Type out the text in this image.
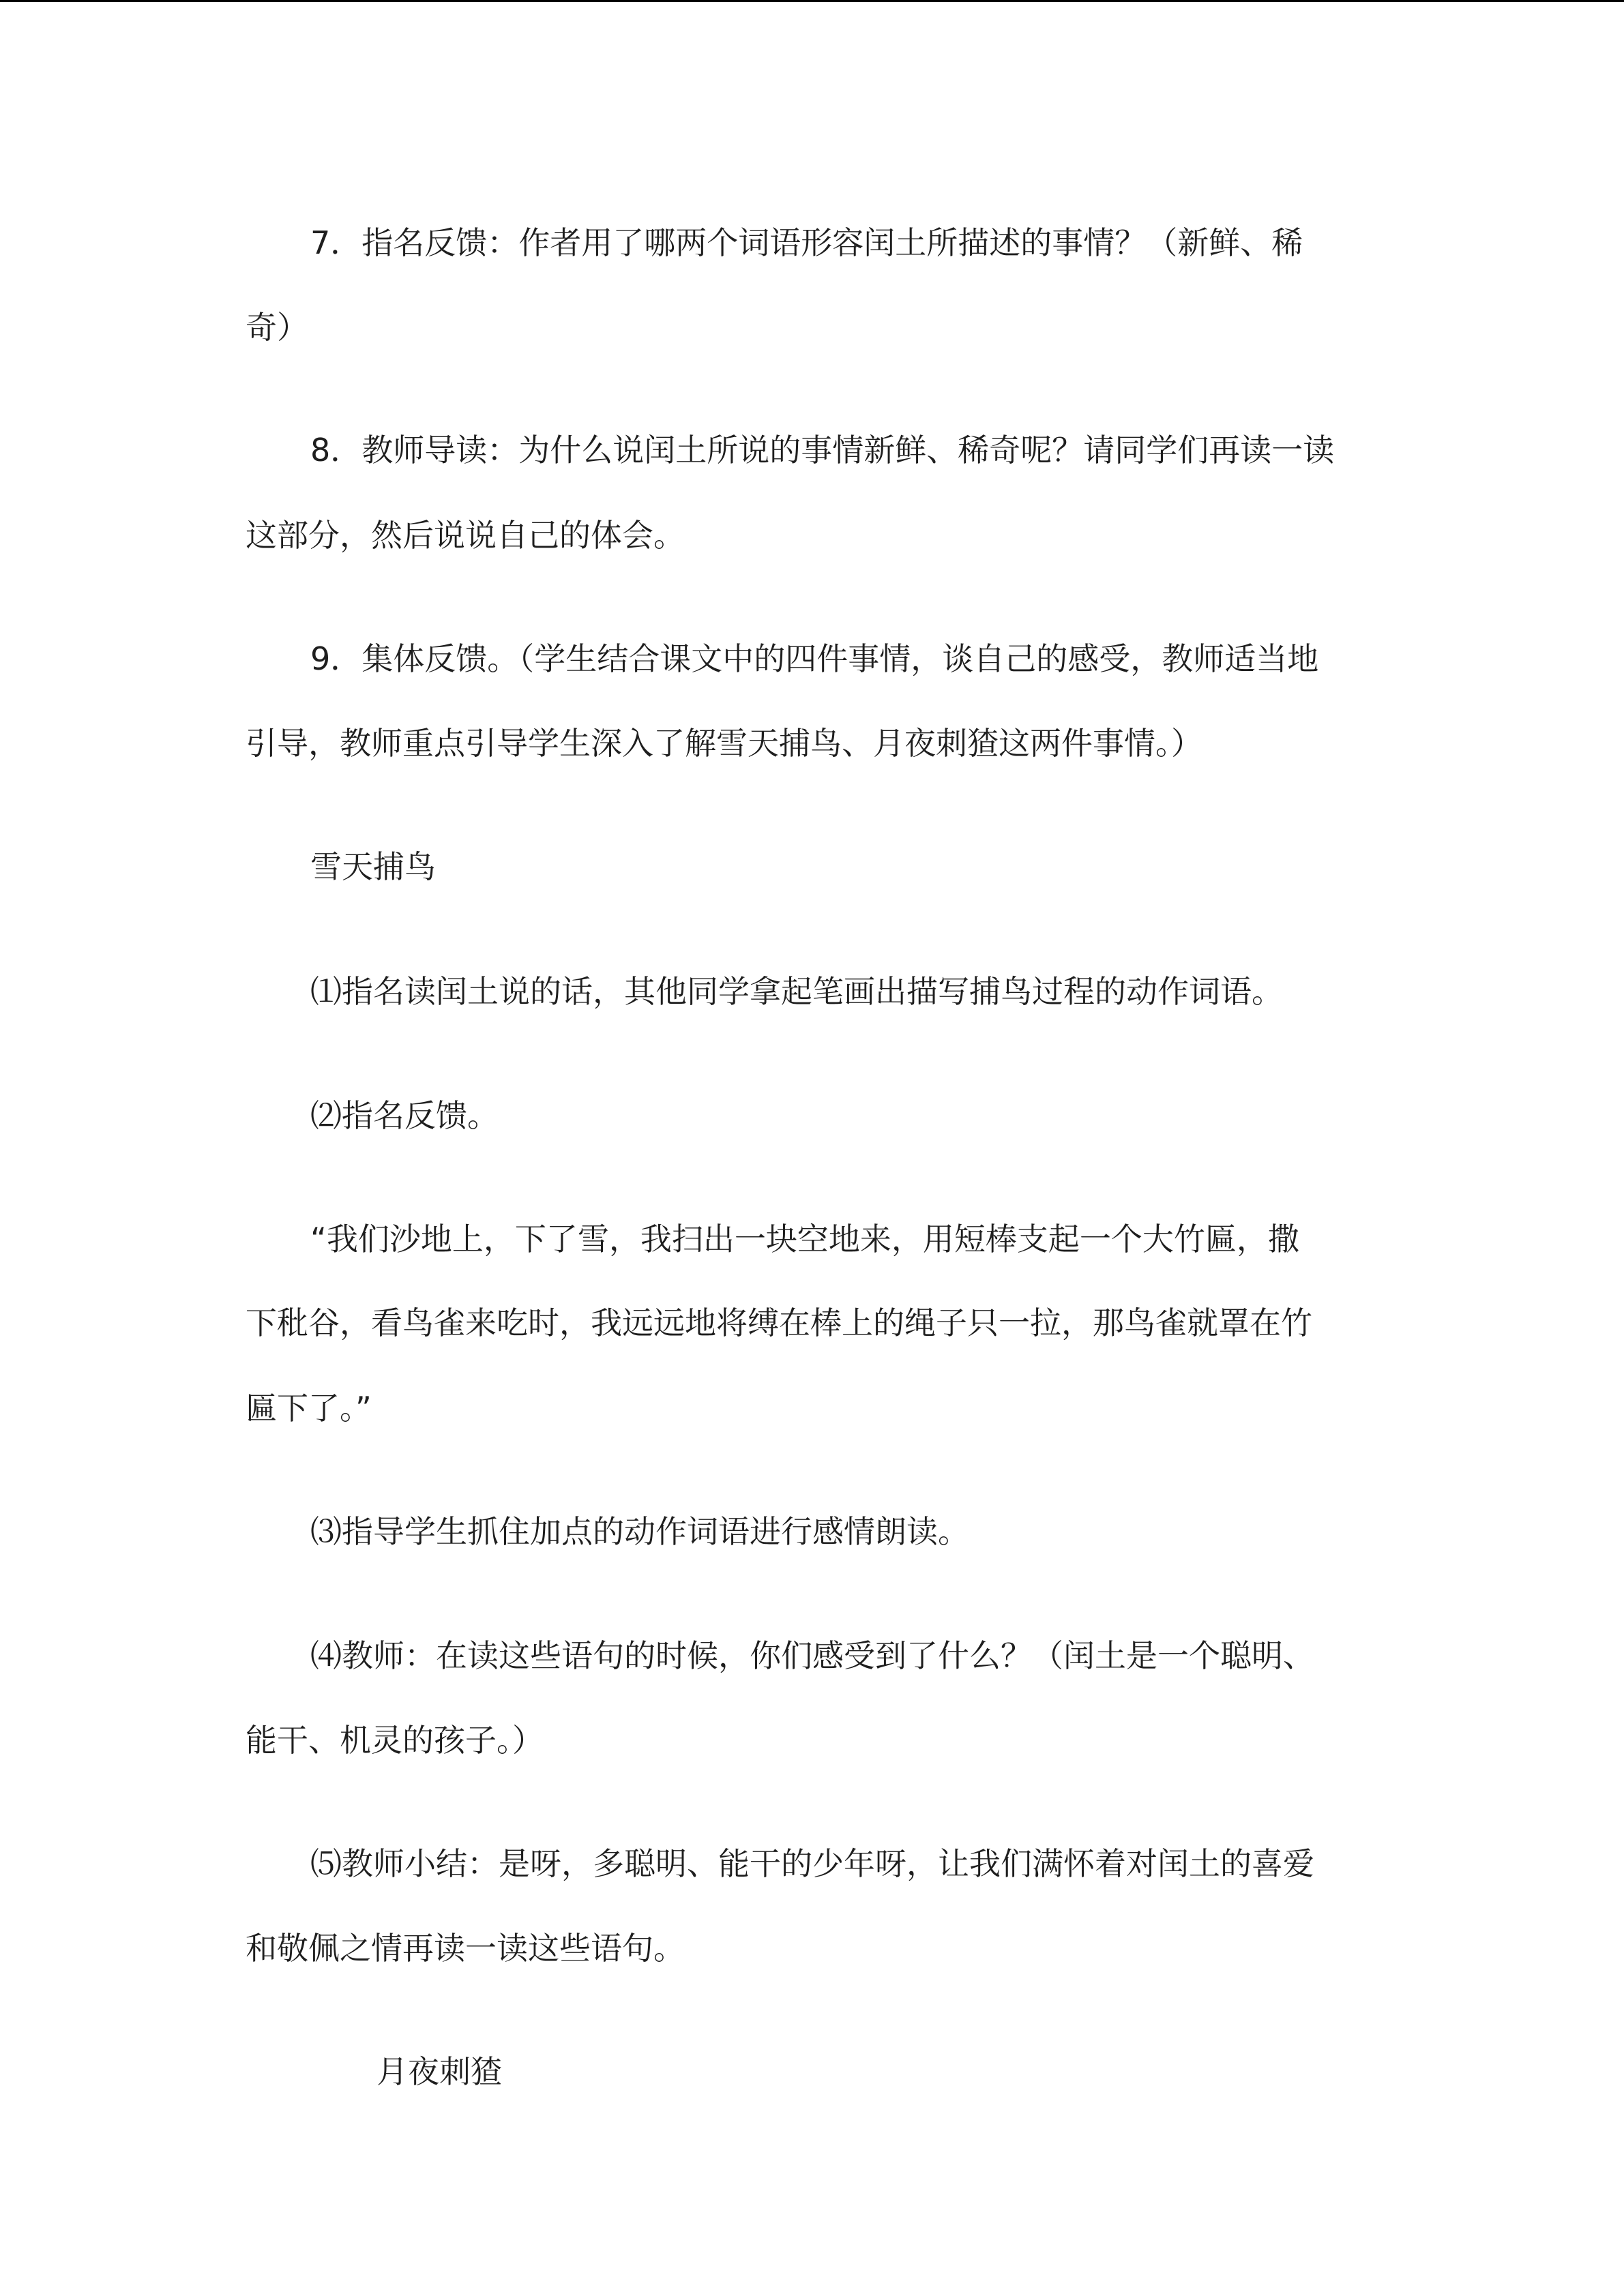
7．指名反馈：作者用了哪两个词语形容闰土所描述的事情？（新鲜、稀
奇）
8．教师导读：为什么说闰土所说的事情新鲜、稀奇呢？请同学们再读一读
这部分，然后说说自己的体会。
9．集体反馈。（学生结合课文中的四件事情，谈自己的感受，教师适当地
引导，教师重点引导学生深入了解雪天捕鸟、月夜刺猹这两件事情。）
雪天捕鸟
⑴指名读闰土说的话，其他同学拿起笔画出描写捕鸟过程的动作词语。
⑵指名反馈。
“我们沙地上，下了雪，我扫出一块空地来，用短棒支起一个大竹匾，撒
下秕谷，看鸟雀来吃时，我远远地将缚在棒上的绳子只一拉，那鸟雀就罩在竹
匾下了。”
⑶指导学生抓住加点的动作词语进行感情朗读。
⑷教师：在读这些语句的时候，你们感受到了什么？（闰土是一个聪明、
能干、机灵的孩子。）
⑸教师小结：是呀，多聪明、能干的少年呀，让我们满怀着对闰土的喜爱
和敬佩之情再读一读这些语句。
月夜刺猹
